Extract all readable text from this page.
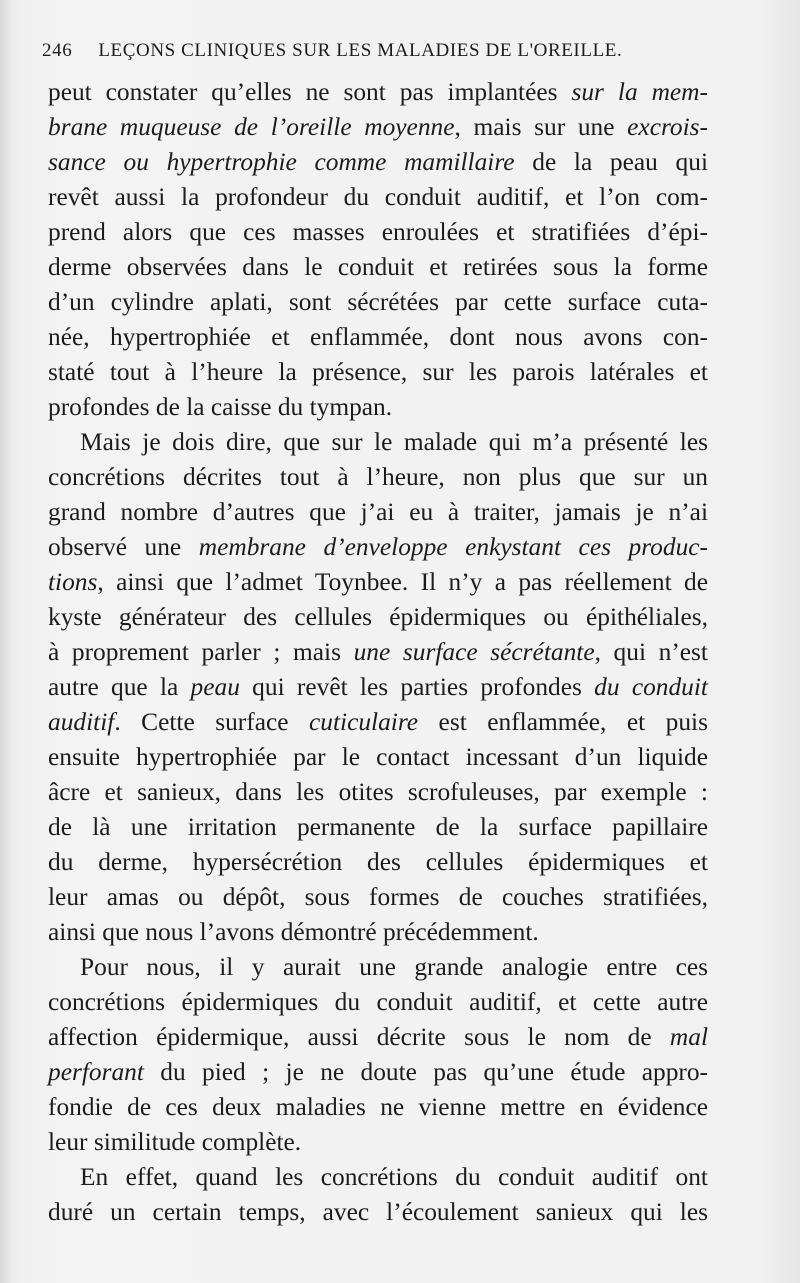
246 LEÇONS CLINIQUES SUR LES MALADIES DE L'OREILLE.
peut constater qu’elles ne sont pas implantées sur la mem-
brane muqueuse de l’oreille moyenne, mais sur une excrois-
sance ou hypertrophie comme mamillaire de la peau qui
revêt aussi la profondeur du conduit auditif, et l’on com-
prend alors que ces masses enroulées et stratifiées d’épi-
derme observées dans le conduit et retirées sous la forme
d’un cylindre aplati, sont sécrétées par cette surface cuta-
née, hypertrophiée et enflammée, dont nous avons con-
staté tout à l’heure la présence, sur les parois latérales et
profondes de la caisse du tympan.
Mais je dois dire, que sur le malade qui m’a présenté les
concrétions décrites tout à l’heure, non plus que sur un
grand nombre d’autres que j’ai eu à traiter, jamais je n’ai
observé une membrane d’enveloppe enkystant ces produc-
tions, ainsi que l’admet Toynbee. Il n’y a pas réellement de
kyste générateur des cellules épidermiques ou épithéliales,
à proprement parler ; mais une surface sécrétante, qui n’est
autre que la peau qui revêt les parties profondes du conduit
auditif. Cette surface cuticulaire est enflammée, et puis
ensuite hypertrophiée par le contact incessant d’un liquide
âcre et sanieux, dans les otites scrofuleuses, par exemple :
de là une irritation permanente de la surface papillaire
du derme, hypersécrétion des cellules épidermiques et
leur amas ou dépôt, sous formes de couches stratifiées,
ainsi que nous l’avons démontré précédemment.
Pour nous, il y aurait une grande analogie entre ces
concrétions épidermiques du conduit auditif, et cette autre
affection épidermique, aussi décrite sous le nom de mal
perforant du pied ; je ne doute pas qu’une étude appro-
fondie de ces deux maladies ne vienne mettre en évidence
leur similitude complète.
En effet, quand les concrétions du conduit auditif ont
duré un certain temps, avec l’écoulement sanieux qui les
